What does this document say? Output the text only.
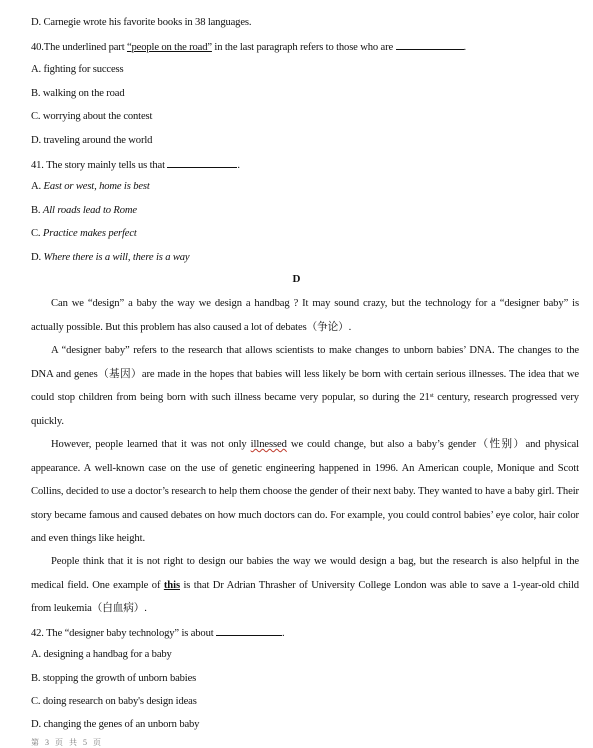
D. Carnegie wrote his favorite books in 38 languages.
40.The underlined part “people on the road” in the last paragraph refers to those who are	.
A. fighting for success
B. walking on the road
C. worrying about the contest
D. traveling around the world
41. The story mainly tells us that	.
A. East or west, home is best
B. All roads lead to Rome
C. Practice makes perfect
D. Where there is a will, there is a way
D
Can we “design” a baby the way we design a handbag ? It may sound crazy, but the technology for a “designer baby” is actually possible. But this problem has also caused a lot of debates（争论）.
A “designer baby” refers to the research that allows scientists to make changes to unborn babies’ DNA. The changes to the DNA and genes（基因）are made in the hopes that babies will less likely be born with certain serious illnesses. The idea that we could stop children from being born with such illness became very popular, so during the 21st century, research progressed very quickly.
However, people learned that it was not only illnessed we could change, but also a baby’s gender（性别）and physical appearance. A well-known case on the use of genetic engineering happened in 1996. An American couple, Monique and Scott Collins, decided to use a doctor’s research to help them choose the gender of their next baby. They wanted to have a baby girl. Their story became famous and caused debates on how much doctors can do. For example, you could control babies’ eye color, hair color and even things like height.
People think that it is not right to design our babies the way we would design a bag, but the research is also helpful in the medical field. One example of this is that Dr Adrian Thrasher of University College London was able to save a 1-year-old child from leukemia（白血病）.
42. The “designer baby technology” is about	.
A. designing a handbag for a baby
B. stopping the growth of unborn babies
C. doing research on baby's design ideas
D. changing the genes of an unborn baby
第 3 页 共 5 页
